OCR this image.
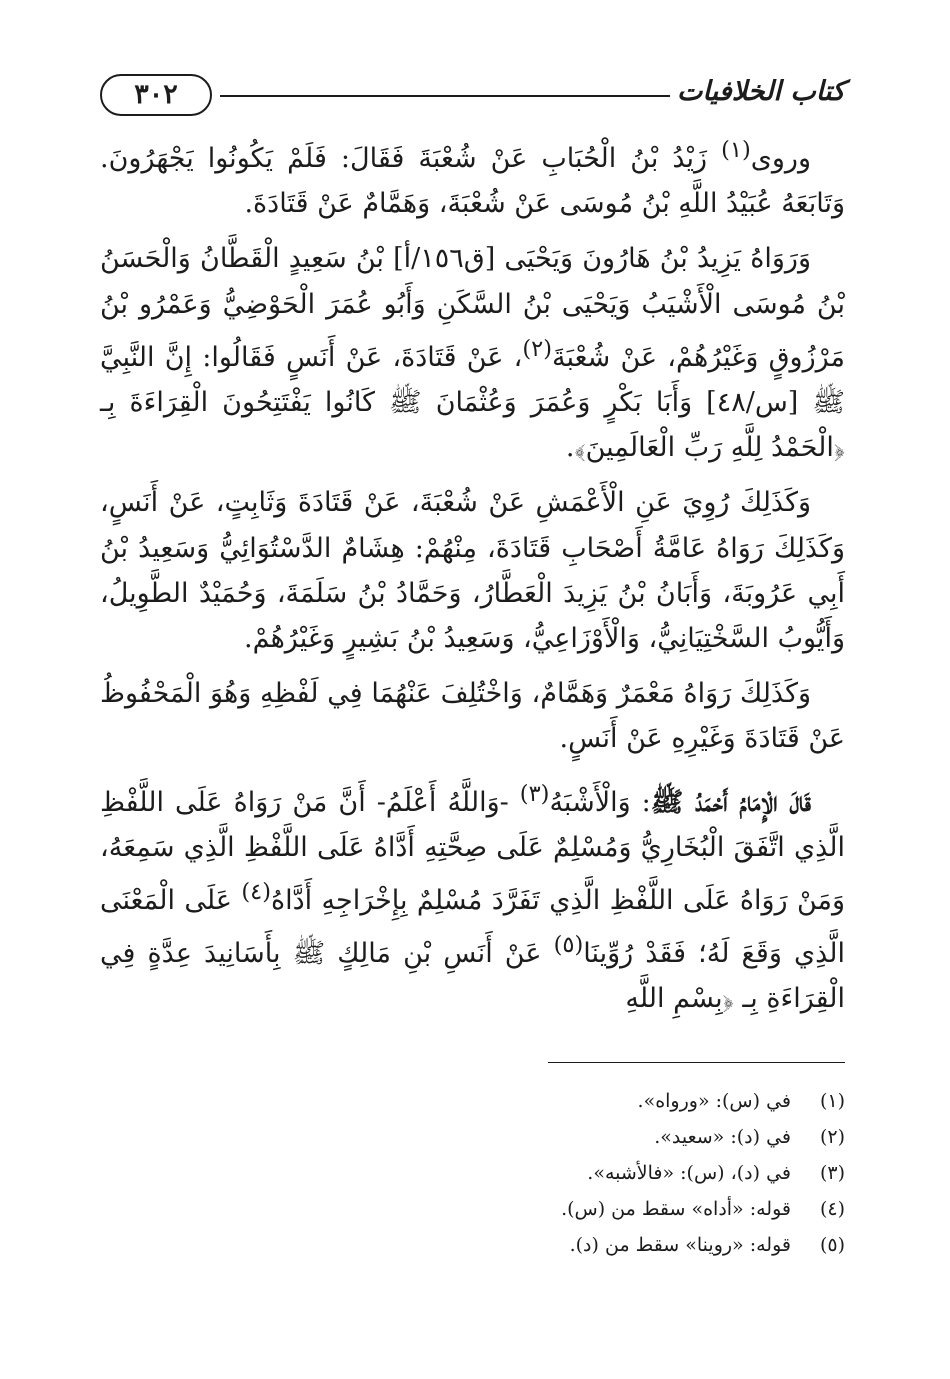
٣٠٢	كتاب الخلافيات

وروى$^{(١)}$ زَيْدُ بْنُ الْحُبَابِ عَنْ شُعْبَةَ فَقَالَ: فَلَمْ يَكُونُوا يَجْهَرُونَ. وَتَابَعَهُ عُبَيْدُ اللَّهِ بْنُ مُوسَى عَنْ شُعْبَةَ، وَهَمَّامٌ عَنْ قَتَادَةَ.

وَرَوَاهُ يَزِيدُ بْنُ هَارُونَ وَيَحْيَى [ق١٥٦/أ] بْنُ سَعِيدٍ الْقَطَّانُ وَالْحَسَنُ بْنُ مُوسَى الْأَشْيَبُ وَيَحْيَى بْنُ السَّكَنِ وَأَبُو عُمَرَ الْحَوْضِيُّ وَعَمْرُو بْنُ مَرْزُوقٍ وَغَيْرُهُمْ، عَنْ شُعْبَةَ$^{(٢)}$، عَنْ قَتَادَةَ، عَنْ أَنَسٍ فَقَالُوا: إِنَّ النَّبِيَّ ﷺ [س/٤٨] وَأَبَا بَكْرٍ وَعُمَرَ وَعُثْمَانَ ﷺ كَانُوا يَفْتَتِحُونَ الْقِرَاءَةَ بِـ ﴿الْحَمْدُ لِلَّهِ رَبِّ الْعَالَمِينَ﴾.

وَكَذَلِكَ رُوِيَ عَنِ الْأَعْمَشِ عَنْ شُعْبَةَ، عَنْ قَتَادَةَ وَثَابِتٍ، عَنْ أَنَسٍ، وَكَذَلِكَ رَوَاهُ عَامَّةُ أَصْحَابِ قَتَادَةَ، مِنْهُمْ: هِشَامٌ الدَّسْتُوَائِيُّ وَسَعِيدُ بْنُ أَبِي عَرُوبَةَ، وَأَبَانُ بْنُ يَزِيدَ الْعَطَّارُ، وَحَمَّادُ بْنُ سَلَمَةَ، وَحُمَيْدٌ الطَّوِيلُ، وَأَيُّوبُ السَّخْتِيَانِيُّ، وَالْأَوْزَاعِيُّ، وَسَعِيدُ بْنُ بَشِيرٍ وَغَيْرُهُمْ.

وَكَذَلِكَ رَوَاهُ مَعْمَرٌ وَهَمَّامٌ، وَاخْتُلِفَ عَنْهُمَا فِي لَفْظِهِ وَهُوَ الْمَحْفُوظُ عَنْ قَتَادَةَ وَغَيْرِهِ عَنْ أَنَسٍ.

قَالَ الْإِمَامُ أَحْمَدُ ﷺ: وَالْأَشْبَهُ$^{(٣)}$ -وَاللَّهُ أَعْلَمُ- أَنَّ مَنْ رَوَاهُ عَلَى اللَّفْظِ الَّذِي اتَّفَقَ الْبُخَارِيُّ وَمُسْلِمٌ عَلَى صِحَّتِهِ أَدَّاهُ عَلَى اللَّفْظِ الَّذِي سَمِعَهُ، وَمَنْ رَوَاهُ عَلَى اللَّفْظِ الَّذِي تَفَرَّدَ مُسْلِمٌ بِإِخْرَاجِهِ أَدَّاهُ$^{(٤)}$ عَلَى الْمَعْنَى الَّذِي وَقَعَ لَهُ؛ فَقَدْ رُوِّينَا$^{(٥)}$ عَنْ أَنَسِ بْنِ مَالِكٍ ﷺ بِأَسَانِيدَ عِدَّةٍ فِي الْقِرَاءَةِ بِـ ﴿بِسْمِ اللَّهِ

(١)في (س): «ورواه».
(٢)في (د): «سعيد».
(٣)في (د)، (س): «فالأشبه».
(٤)قوله: «أداه» سقط من (س).
(٥)قوله: «روينا» سقط من (د).
